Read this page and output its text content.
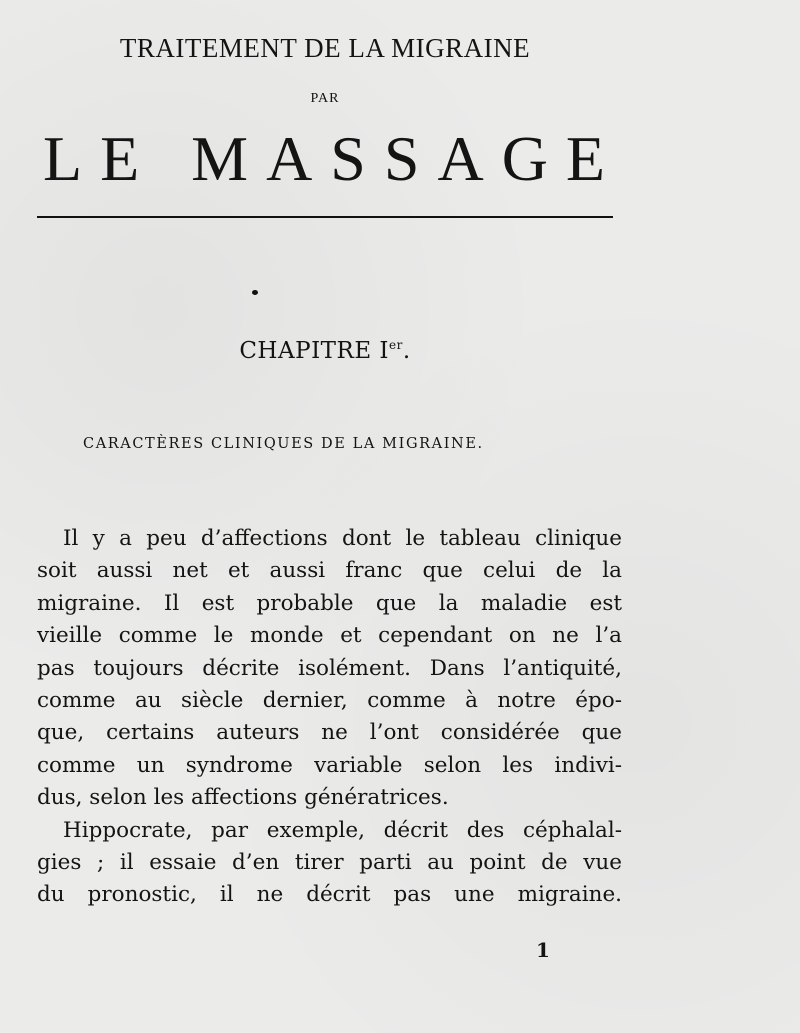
TRAITEMENT DE LA MIGRAINE
PAR
LE MASSAGE
CHAPITRE Ier.
CARACTÈRES CLINIQUES DE LA MIGRAINE.
Il y a peu d’affections dont le tableau clinique
soit aussi net et aussi franc que celui de la
migraine. Il est probable que la maladie est
vieille comme le monde et cependant on ne l’a
pas toujours décrite isolément. Dans l’antiquité,
comme au siècle dernier, comme à notre épo-
que, certains auteurs ne l’ont considérée que
comme un syndrome variable selon les indivi-
dus, selon les affections génératrices.
Hippocrate, par exemple, décrit des céphalal-
gies ; il essaie d’en tirer parti au point de vue
du pronostic, il ne décrit pas une migraine.
1
